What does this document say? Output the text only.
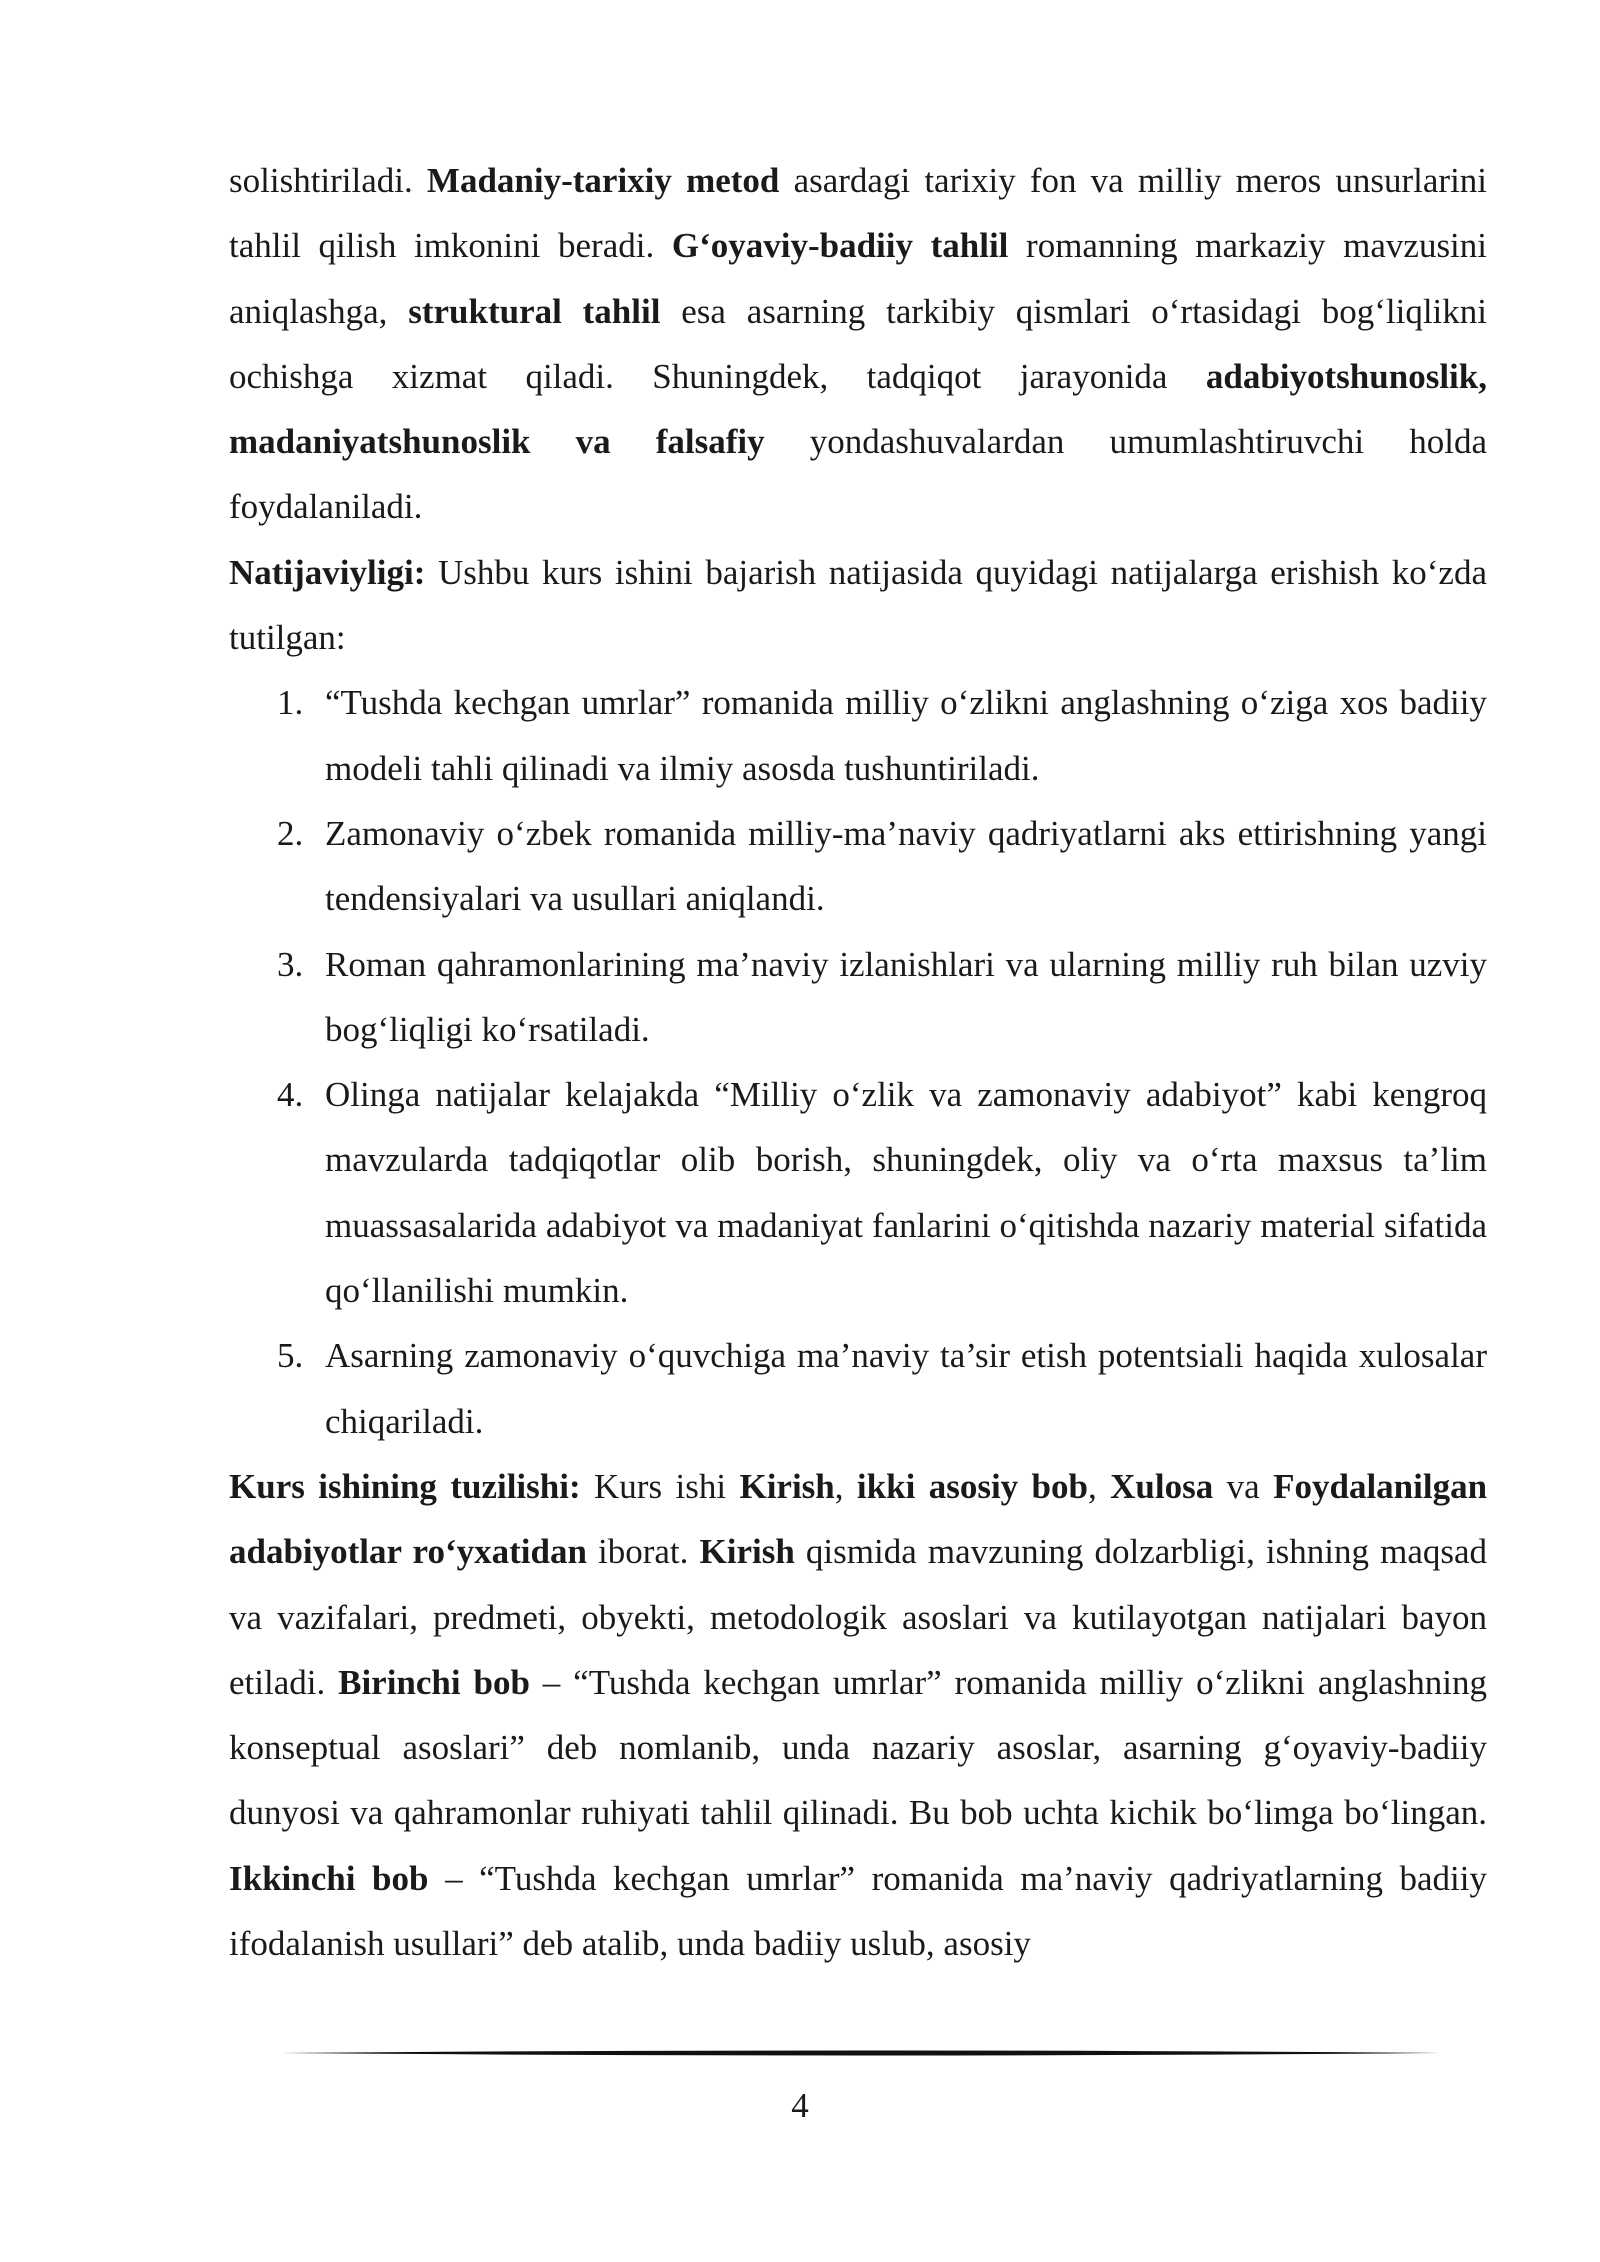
solishtiriladi. Madaniy-tarixiy metod asardagi tarixiy fon va milliy meros unsurlarini tahlil qilish imkonini beradi. G‘oyaviy-badiiy tahlil romanning markaziy mavzusini aniqlashga, struktural tahlil esa asarning tarkibiy qismlari o‘rtasidagi bog‘liqlikni ochishga xizmat qiladi. Shuningdek, tadqiqot jarayonida adabiyotshunoslik, madaniyatshunoslik va falsafiy yondashuvalardan umumlashtiruvchi holda foydalaniladi.

Natijaviyligi: Ushbu kurs ishini bajarish natijasida quyidagi natijalarga erishish ko‘zda tutilgan:

1. “Tushda kechgan umrlar” romanida milliy o‘zlikni anglashning o‘ziga xos badiiy modeli tahli qilinadi va ilmiy asosda tushuntiriladi.
2. Zamonaviy o‘zbek romanida milliy-ma’naviy qadriyatlarni aks ettirishning yangi tendensiyalari va usullari aniqlandi.
3. Roman qahramonlarining ma’naviy izlanishlari va ularning milliy ruh bilan uzviy bog‘liqligi ko‘rsatiladi.
4. Olinga natijalar kelajakda “Milliy o‘zlik va zamonaviy adabiyot” kabi kengroq mavzularda tadqiqotlar olib borish, shuningdek, oliy va o‘rta maxsus ta’lim muassasalarida adabiyot va madaniyat fanlarini o‘qitishda nazariy material sifatida qo‘llanilishi mumkin.
5. Asarning zamonaviy o‘quvchiga ma’naviy ta’sir etish potentsiali haqida xulosalar chiqariladi.

Kurs ishining tuzilishi: Kurs ishi Kirish, ikki asosiy bob, Xulosa va Foydalanilgan adabiyotlar ro‘yxatidan iborat. Kirish qismida mavzuning dolzarbligi, ishning maqsad va vazifalari, predmeti, obyekti, metodologik asoslari va kutilayotgan natijalari bayon etiladi. Birinchi bob – “Tushda kechgan umrlar” romanida milliy o‘zlikni anglashning konseptual asoslari” deb nomlanib, unda nazariy asoslar, asarning g‘oyaviy-badiiy dunyosi va qahramonlar ruhiyati tahlil qilinadi. Bu bob uchta kichik bo‘limga bo‘lingan. Ikkinchi bob – “Tushda kechgan umrlar” romanida ma’naviy qadriyatlarning badiiy ifodalanish usullari” deb atalib, unda badiiy uslub, asosiy

4
